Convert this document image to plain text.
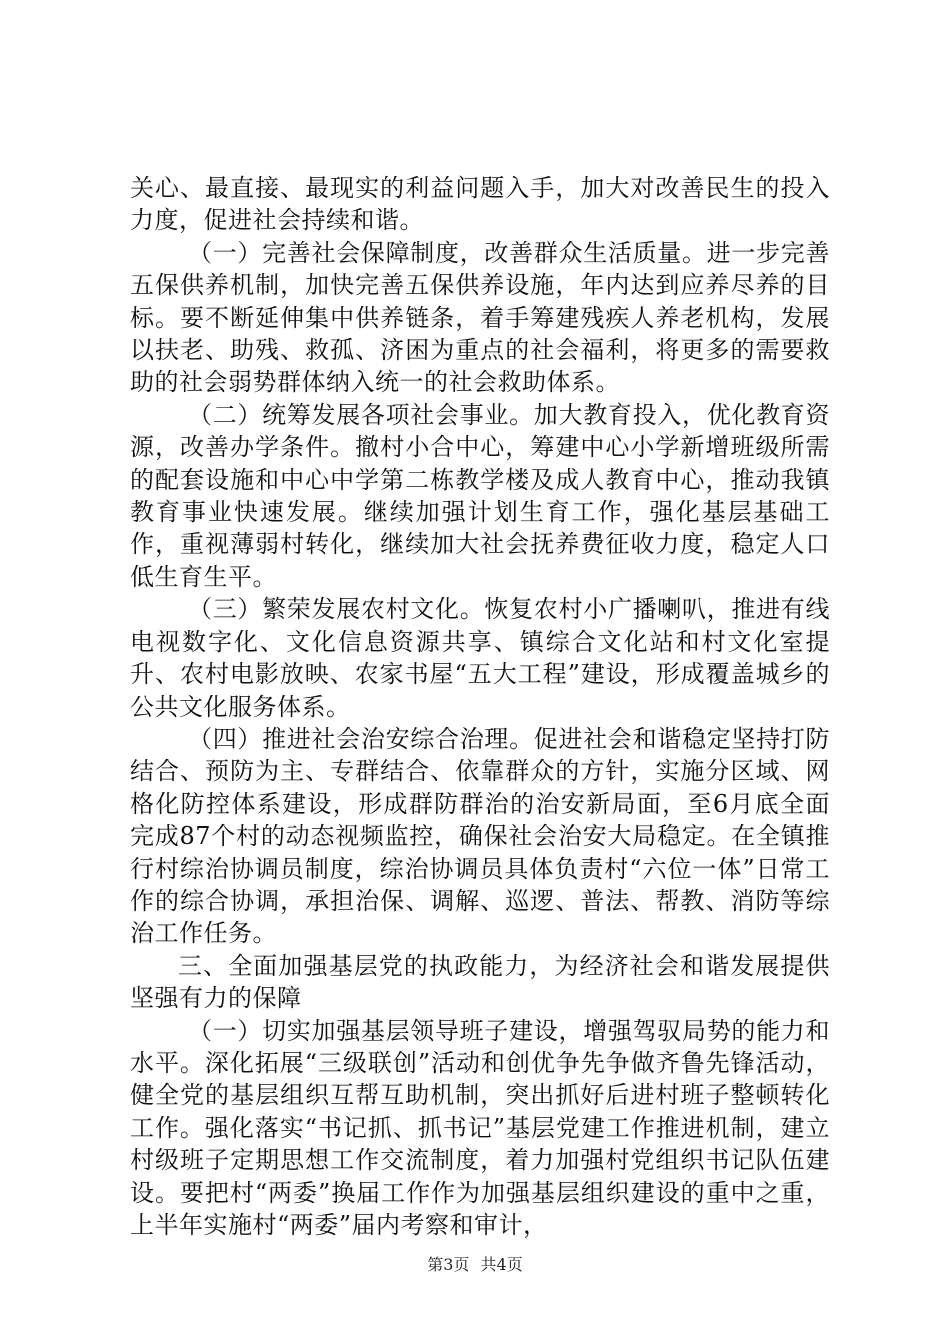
关心、最直接、最现实的利益问题入手，加大对改善民生的投入力度，促进社会持续和谐。

（一）完善社会保障制度，改善群众生活质量。进一步完善五保供养机制，加快完善五保供养设施，年内达到应养尽养的目标。要不断延伸集中供养链条，着手筹建残疾人养老机构，发展以扶老、助残、救孤、济困为重点的社会福利，将更多的需要救助的社会弱势群体纳入统一的社会救助体系。

（二）统筹发展各项社会事业。加大教育投入，优化教育资源，改善办学条件。撤村小合中心，筹建中心小学新增班级所需的配套设施和中心中学第二栋教学楼及成人教育中心，推动我镇教育事业快速发展。继续加强计划生育工作，强化基层基础工作，重视薄弱村转化，继续加大社会抚养费征收力度，稳定人口低生育生平。

（三）繁荣发展农村文化。恢复农村小广播喇叭，推进有线电视数字化、文化信息资源共享、镇综合文化站和村文化室提升、农村电影放映、农家书屋“五大工程”建设，形成覆盖城乡的公共文化服务体系。

（四）推进社会治安综合治理。促进社会和谐稳定坚持打防结合、预防为主、专群结合、依靠群众的方针，实施分区域、网格化防控体系建设，形成群防群治的治安新局面，至6月底全面完成87个村的动态视频监控，确保社会治安大局稳定。在全镇推行村综治协调员制度，综治协调员具体负责村“六位一体”日常工作的综合协调，承担治保、调解、巡逻、普法、帮教、消防等综治工作任务。

三、全面加强基层党的执政能力，为经济社会和谐发展提供坚强有力的保障

（一）切实加强基层领导班子建设，增强驾驭局势的能力和水平。深化拓展“三级联创”活动和创优争先争做齐鲁先锋活动，健全党的基层组织互帮互助机制，突出抓好后进村班子整顿转化工作。强化落实“书记抓、抓书记”基层党建工作推进机制，建立村级班子定期思想工作交流制度，着力加强村党组织书记队伍建设。要把村“两委”换届工作作为加强基层组织建设的重中之重，上半年实施村“两委”届内考察和审计，

第3页 共4页
